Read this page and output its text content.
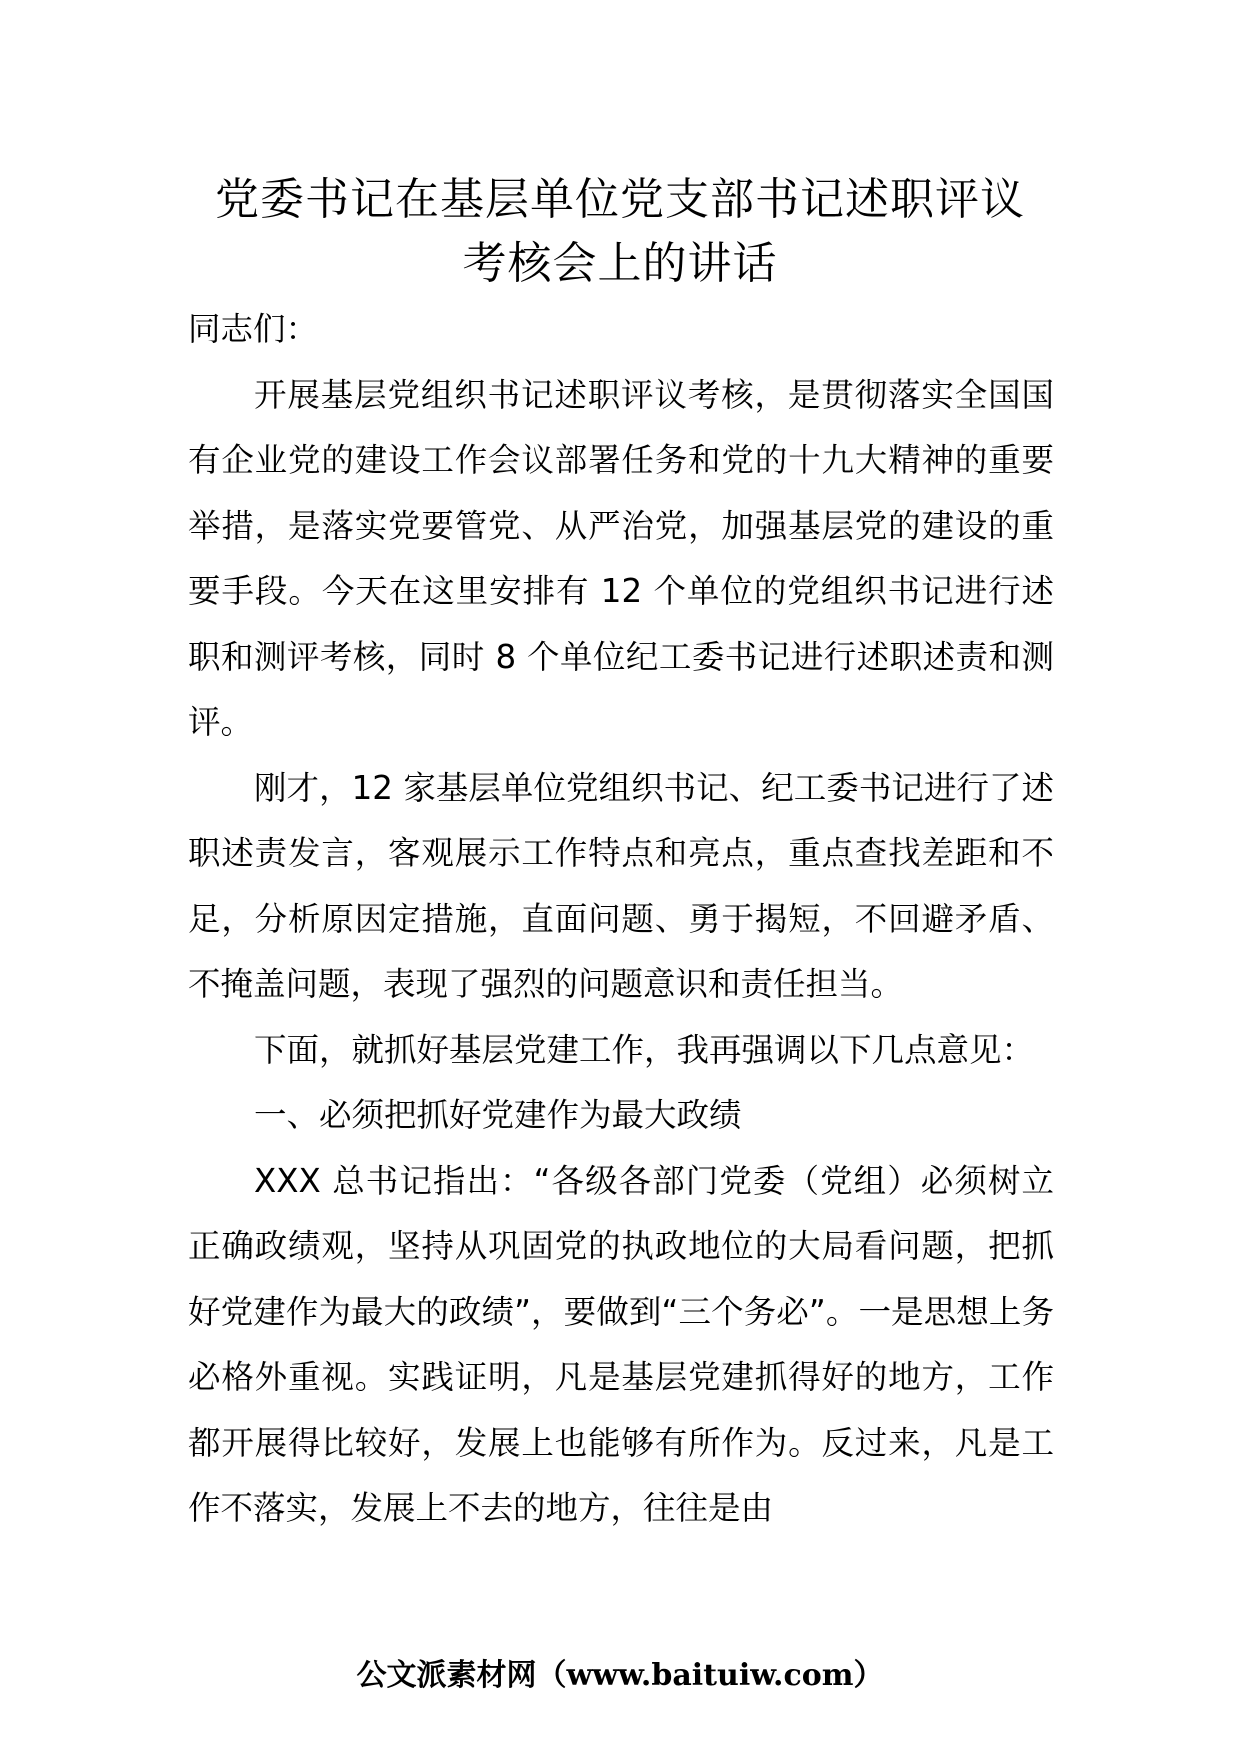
党委书记在基层单位党支部书记述职评议
考核会上的讲话

同志们：

开展基层党组织书记述职评议考核，是贯彻落实全国国有企业党的建设工作会议部署任务和党的十九大精神的重要举措，是落实党要管党、从严治党，加强基层党的建设的重要手段。今天在这里安排有 12 个单位的党组织书记进行述职和测评考核，同时 8 个单位纪工委书记进行述职述责和测评。

刚才，12 家基层单位党组织书记、纪工委书记进行了述职述责发言，客观展示工作特点和亮点，重点查找差距和不足，分析原因定措施，直面问题、勇于揭短，不回避矛盾、不掩盖问题，表现了强烈的问题意识和责任担当。

下面，就抓好基层党建工作，我再强调以下几点意见：

一、必须把抓好党建作为最大政绩

XXX 总书记指出：“各级各部门党委（党组）必须树立正确政绩观，坚持从巩固党的执政地位的大局看问题，把抓好党建作为最大的政绩”，要做到“三个务必”。一是思想上务必格外重视。实践证明，凡是基层党建抓得好的地方，工作都开展得比较好，发展上也能够有所作为。反过来，凡是工作不落实，发展上不去的地方，往往是由

公文派素材网（www.baituiw.com）
